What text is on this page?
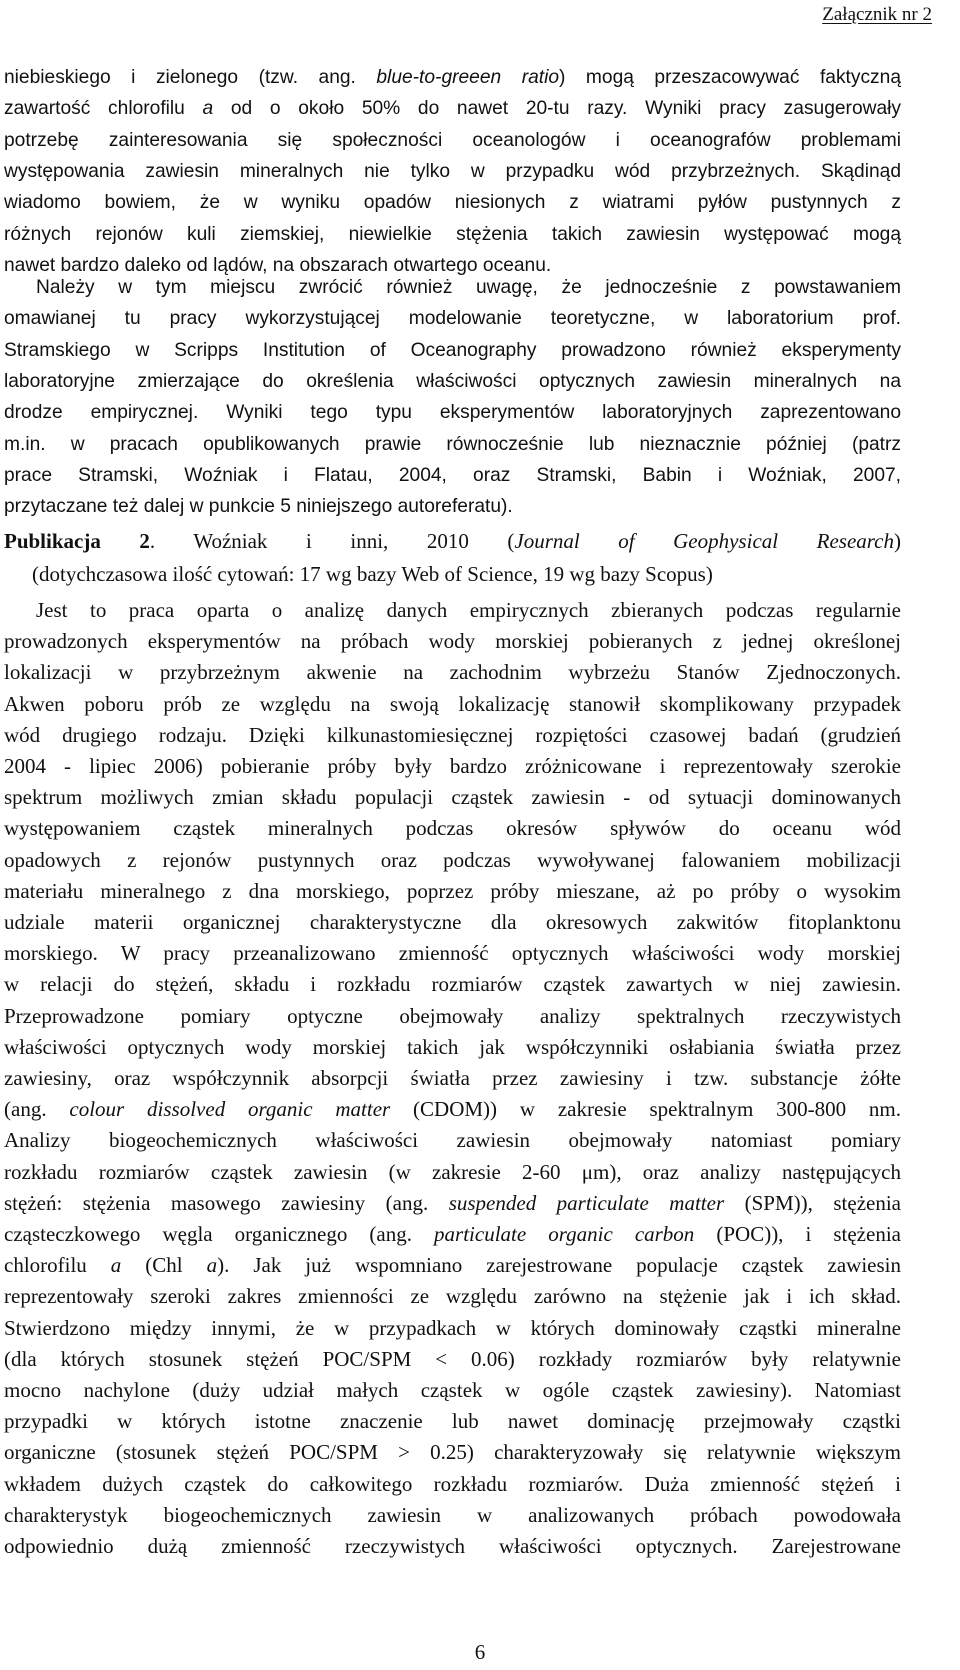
Załącznik nr 2
niebieskiego i zielonego (tzw. ang. blue-to-greeen ratio) mogą przeszacowywać faktyczną
zawartość chlorofilu a od o około 50% do nawet 20-tu razy. Wyniki pracy zasugerowały
potrzebę zainteresowania się społeczności oceanologów i oceanografów problemami
występowania zawiesin mineralnych nie tylko w przypadku wód przybrzeżnych. Skądinąd
wiadomo bowiem, że w wyniku opadów niesionych z wiatrami pyłów pustynnych z
różnych rejonów kuli ziemskiej, niewielkie stężenia takich zawiesin występować mogą
nawet bardzo daleko od lądów, na obszarach otwartego oceanu.
Należy w tym miejscu zwrócić również uwagę, że jednocześnie z powstawaniem
omawianej tu pracy wykorzystującej modelowanie teoretyczne, w laboratorium prof.
Stramskiego w Scripps Institution of Oceanography prowadzono również eksperymenty
laboratoryjne zmierzające do określenia właściwości optycznych zawiesin mineralnych na
drodze empirycznej. Wyniki tego typu eksperymentów laboratoryjnych zaprezentowano
m.in. w pracach opublikowanych prawie równocześnie lub nieznacznie później (patrz
prace Stramski, Woźniak i Flatau, 2004, oraz Stramski, Babin i Woźniak, 2007,
przytaczane też dalej w punkcie 5 niniejszego autoreferatu).
Publikacja 2. Woźniak i inni, 2010 (Journal of Geophysical Research)
(dotychczasowa ilość cytowań: 17 wg bazy Web of Science, 19 wg bazy Scopus)
Jest to praca oparta o analizę danych empirycznych zbieranych podczas regularnie
prowadzonych eksperymentów na próbach wody morskiej pobieranych z jednej określonej
lokalizacji w przybrzeżnym akwenie na zachodnim wybrzeżu Stanów Zjednoczonych.
Akwen poboru prób ze względu na swoją lokalizację stanowił skomplikowany przypadek
wód drugiego rodzaju. Dzięki kilkunastomiesięcznej rozpiętości czasowej badań (grudzień
2004 - lipiec 2006) pobieranie próby były bardzo zróżnicowane i reprezentowały szerokie
spektrum możliwych zmian składu populacji cząstek zawiesin - od sytuacji dominowanych
występowaniem cząstek mineralnych podczas okresów spływów do oceanu wód
opadowych z rejonów pustynnych oraz podczas wywoływanej falowaniem mobilizacji
materiału mineralnego z dna morskiego, poprzez próby mieszane, aż po próby o wysokim
udziale materii organicznej charakterystyczne dla okresowych zakwitów fitoplanktonu
morskiego. W pracy przeanalizowano zmienność optycznych właściwości wody morskiej
w relacji do stężeń, składu i rozkładu rozmiarów cząstek zawartych w niej zawiesin.
Przeprowadzone pomiary optyczne obejmowały analizy spektralnych rzeczywistych
właściwości optycznych wody morskiej takich jak współczynniki osłabiania światła przez
zawiesiny, oraz współczynnik absorpcji światła przez zawiesiny i tzw. substancje żółte
(ang. colour dissolved organic matter (CDOM)) w zakresie spektralnym 300-800 nm.
Analizy biogeochemicznych właściwości zawiesin obejmowały natomiast pomiary
rozkładu rozmiarów cząstek zawiesin (w zakresie 2-60 μm), oraz analizy następujących
stężeń: stężenia masowego zawiesiny (ang. suspended particulate matter (SPM)), stężenia
cząsteczkowego węgla organicznego (ang. particulate organic carbon (POC)), i stężenia
chlorofilu a (Chl a). Jak już wspomniano zarejestrowane populacje cząstek zawiesin
reprezentowały szeroki zakres zmienności ze względu zarówno na stężenie jak i ich skład.
Stwierdzono między innymi, że w przypadkach w których dominowały cząstki mineralne
(dla których stosunek stężeń POC/SPM < 0.06) rozkłady rozmiarów były relatywnie
mocno nachylone (duży udział małych cząstek w ogóle cząstek zawiesiny). Natomiast
przypadki w których istotne znaczenie lub nawet dominację przejmowały cząstki
organiczne (stosunek stężeń POC/SPM > 0.25) charakteryzowały się relatywnie większym
wkładem dużych cząstek do całkowitego rozkładu rozmiarów. Duża zmienność stężeń i
charakterystyk biogeochemicznych zawiesin w analizowanych próbach powodowała
odpowiednio dużą zmienność rzeczywistych właściwości optycznych. Zarejestrowane
6
